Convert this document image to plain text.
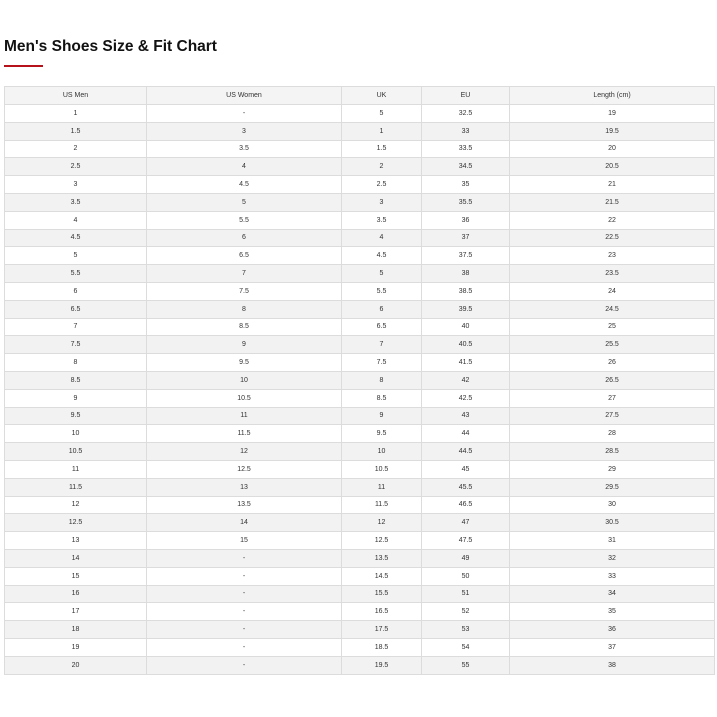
Men's Shoes Size & Fit Chart
US Men	US Women	UK	EU	Length (cm)
1	-	5	32.5	19
1.5	3	1	33	19.5
2	3.5	1.5	33.5	20
2.5	4	2	34.5	20.5
3	4.5	2.5	35	21
3.5	5	3	35.5	21.5
4	5.5	3.5	36	22
4.5	6	4	37	22.5
5	6.5	4.5	37.5	23
5.5	7	5	38	23.5
6	7.5	5.5	38.5	24
6.5	8	6	39.5	24.5
7	8.5	6.5	40	25
7.5	9	7	40.5	25.5
8	9.5	7.5	41.5	26
8.5	10	8	42	26.5
9	10.5	8.5	42.5	27
9.5	11	9	43	27.5
10	11.5	9.5	44	28
10.5	12	10	44.5	28.5
11	12.5	10.5	45	29
11.5	13	11	45.5	29.5
12	13.5	11.5	46.5	30
12.5	14	12	47	30.5
13	15	12.5	47.5	31
14	-	13.5	49	32
15	-	14.5	50	33
16	-	15.5	51	34
17	-	16.5	52	35
18	-	17.5	53	36
19	-	18.5	54	37
20	-	19.5	55	38
